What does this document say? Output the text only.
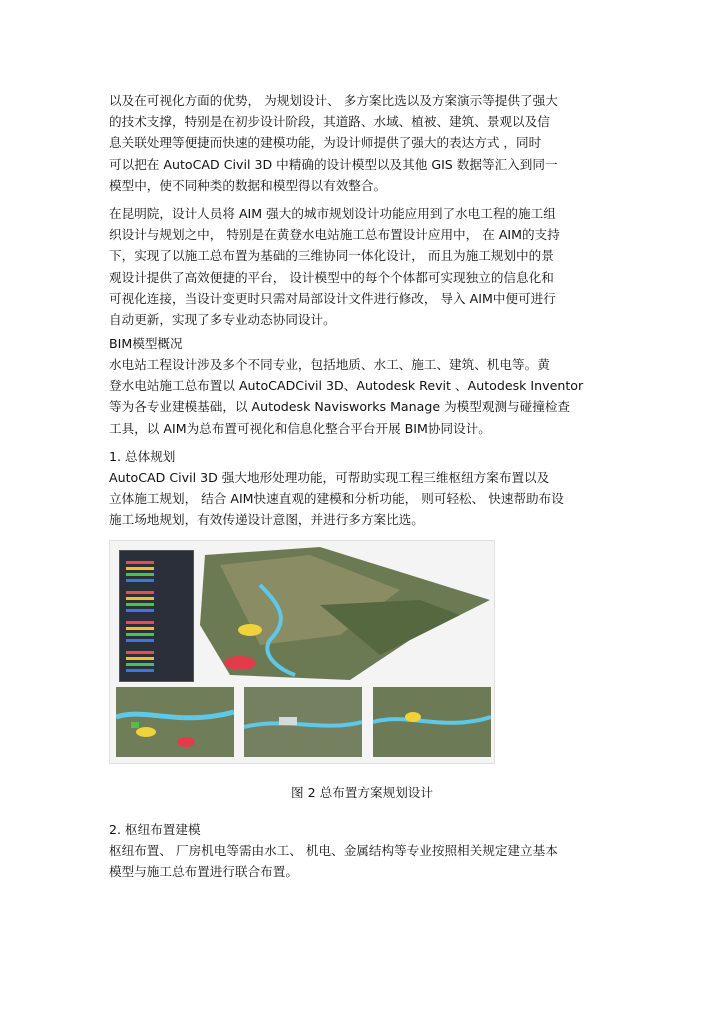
以及在可视化方面的优势， 为规划设计、 多方案比选以及方案演示等提供了强大
的技术支撑，特别是在初步设计阶段，其道路、水域、植被、建筑、景观以及信
息关联处理等便捷而快速的建模功能，为设计师提供了强大的表达方式 ，同时
可以把在 AutoCAD Civil 3D 中精确的设计模型以及其他 GIS 数据等汇入到同一
模型中，使不同种类的数据和模型得以有效整合。
在昆明院，设计人员将 AIM 强大的城市规划设计功能应用到了水电工程的施工组
织设计与规划之中， 特别是在黄登水电站施工总布置设计应用中， 在 AIM的支持
下，实现了以施工总布置为基础的三维协同一体化设计， 而且为施工规划中的景
观设计提供了高效便捷的平台， 设计模型中的每个个体都可实现独立的信息化和
可视化连接，当设计变更时只需对局部设计文件进行修改， 导入 AIM中便可进行
自动更新，实现了多专业动态协同设计。
BIM模型概况
水电站工程设计涉及多个不同专业，包括地质、水工、施工、建筑、机电等。黄
登水电站施工总布置以 AutoCADCivil 3D、Autodesk Revit 、Autodesk Inventor
等为各专业建模基础，以 Autodesk Navisworks Manage 为模型观测与碰撞检查
工具，以 AIM为总布置可视化和信息化整合平台开展 BIM协同设计。
1. 总体规划
AutoCAD Civil 3D 强大地形处理功能，可帮助实现工程三维枢纽方案布置以及
立体施工规划， 结合 AIM快速直观的建模和分析功能， 则可轻松、 快速帮助布设
施工场地规划，有效传递设计意图，并进行多方案比选。
图 2 总布置方案规划设计
2. 枢纽布置建模
枢纽布置、 厂房机电等需由水工、 机电、金属结构等专业按照相关规定建立基本
模型与施工总布置进行联合布置。
